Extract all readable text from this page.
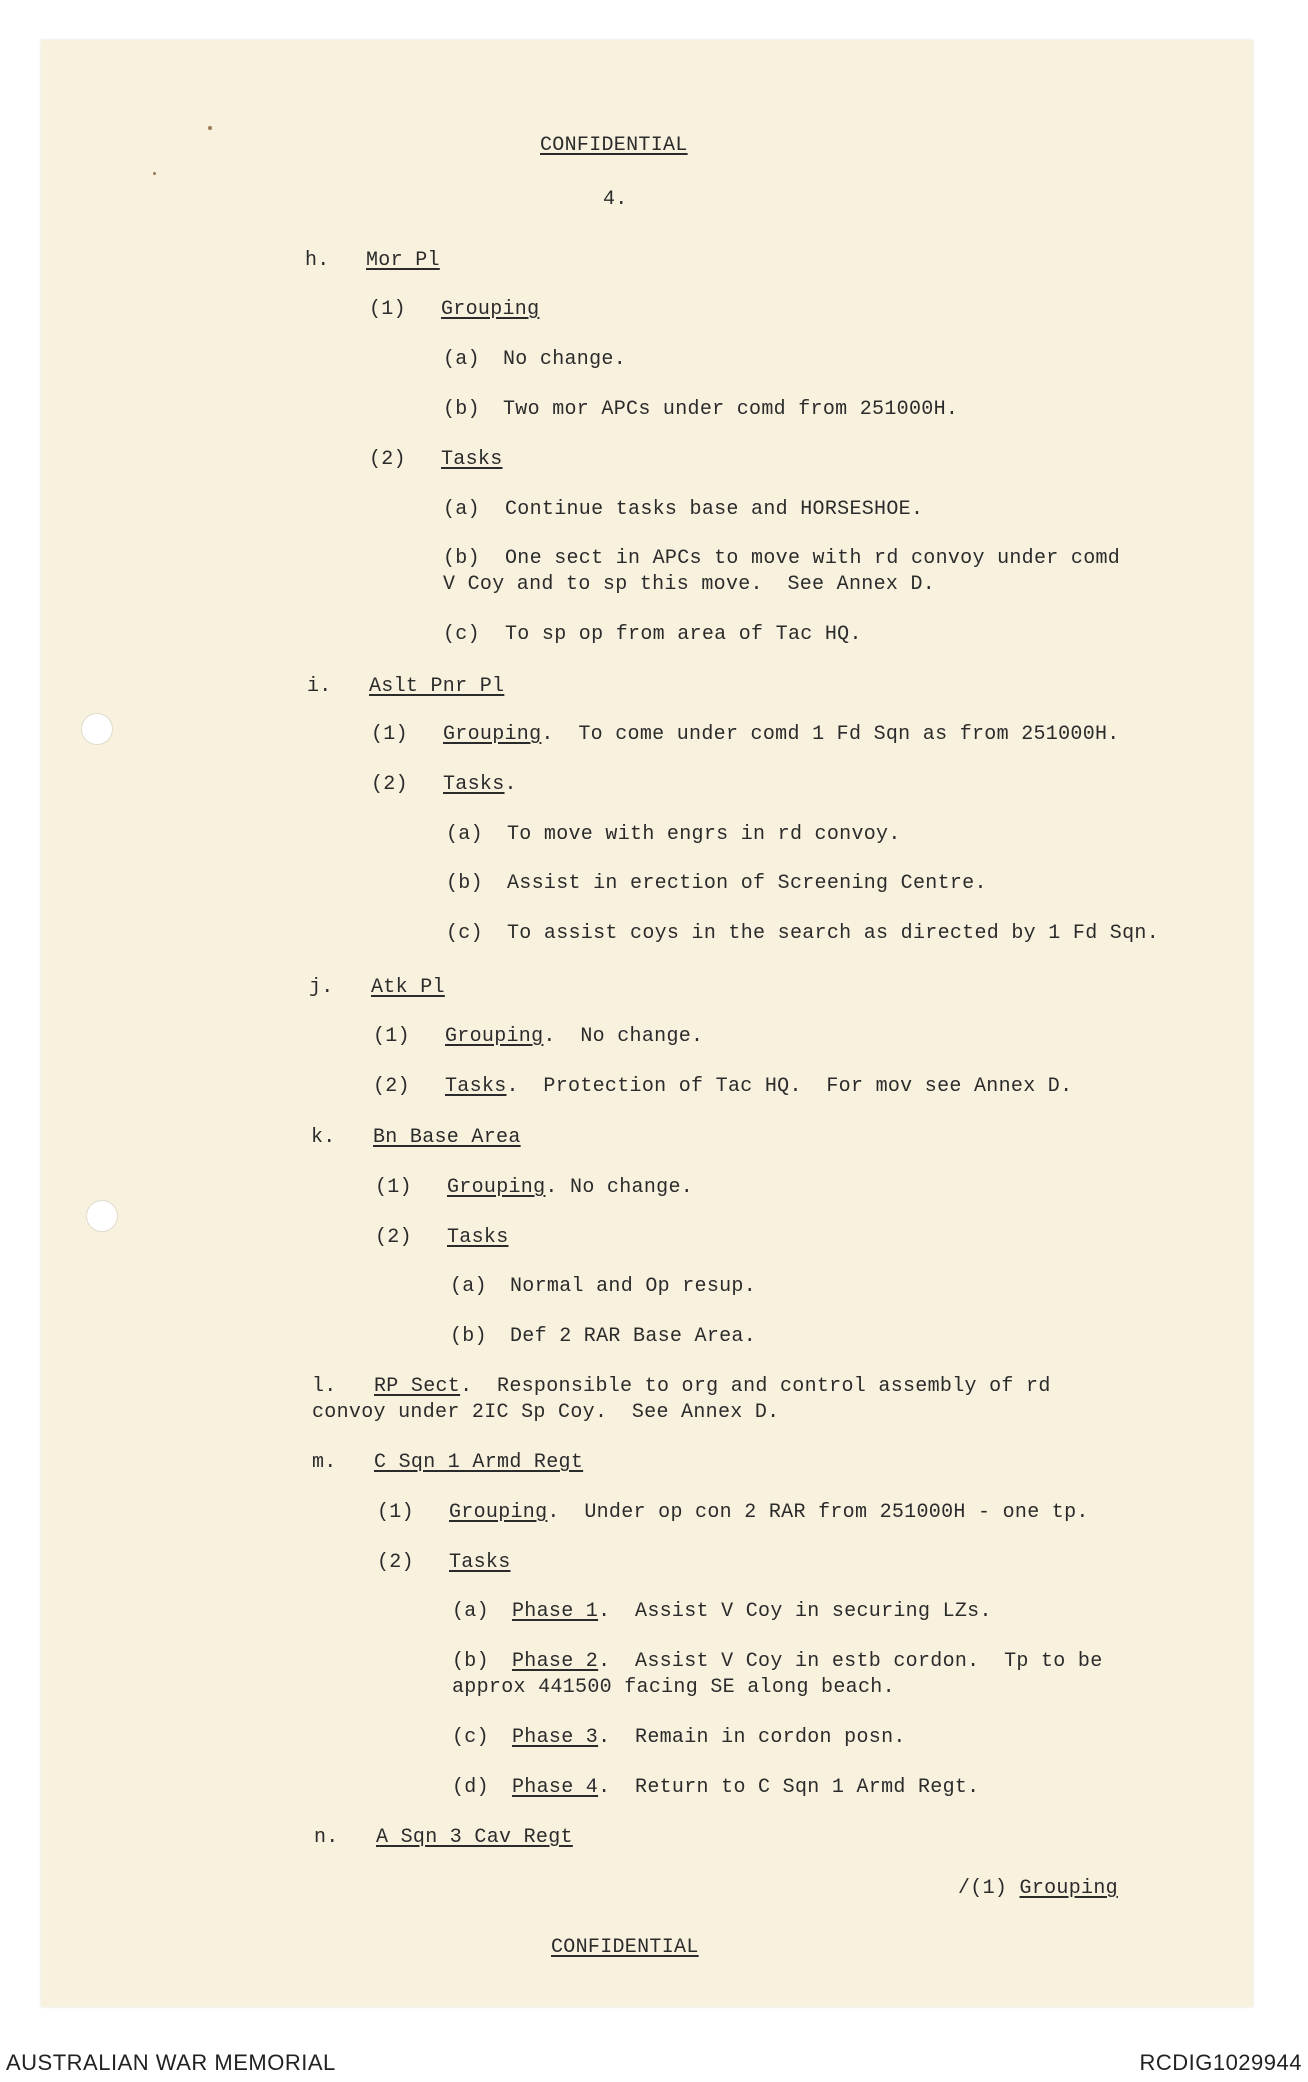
CONFIDENTIAL
4.
h. Mor Pl
(1) Grouping
(a) No change.
(b) Two mor APCs under comd from 251000H.
(2) Tasks
(a) Continue tasks base and HORSESHOE.
(b) One sect in APCs to move with rd convoy under comd
V Coy and to sp this move.  See Annex D.
(c) To sp op from area of Tac HQ.
i. Aslt Pnr Pl
(1) Grouping.  To come under comd 1 Fd Sqn as from 251000H.
(2) Tasks.
(a) To move with engrs in rd convoy.
(b) Assist in erection of Screening Centre.
(c) To assist coys in the search as directed by 1 Fd Sqn.
j. Atk Pl
(1) Grouping.  No change.
(2) Tasks.  Protection of Tac HQ.  For mov see Annex D.
k. Bn Base Area
(1) Grouping. No change.
(2) Tasks
(a) Normal and Op resup.
(b) Def 2 RAR Base Area.
l. RP Sect.  Responsible to org and control assembly of rd
convoy under 2IC Sp Coy.  See Annex D.
m. C Sqn 1 Armd Regt
(1) Grouping.  Under op con 2 RAR from 251000H - one tp.
(2) Tasks
(a) Phase 1.  Assist V Coy in securing LZs.
(b) Phase 2.  Assist V Coy in estb cordon.  Tp to be
approx 441500 facing SE along beach.
(c) Phase 3.  Remain in cordon posn.
(d) Phase 4.  Return to C Sqn 1 Armd Regt.
n. A Sqn 3 Cav Regt
/(1) Grouping
CONFIDENTIAL
AUSTRALIAN WAR MEMORIAL	RCDIG1029944
